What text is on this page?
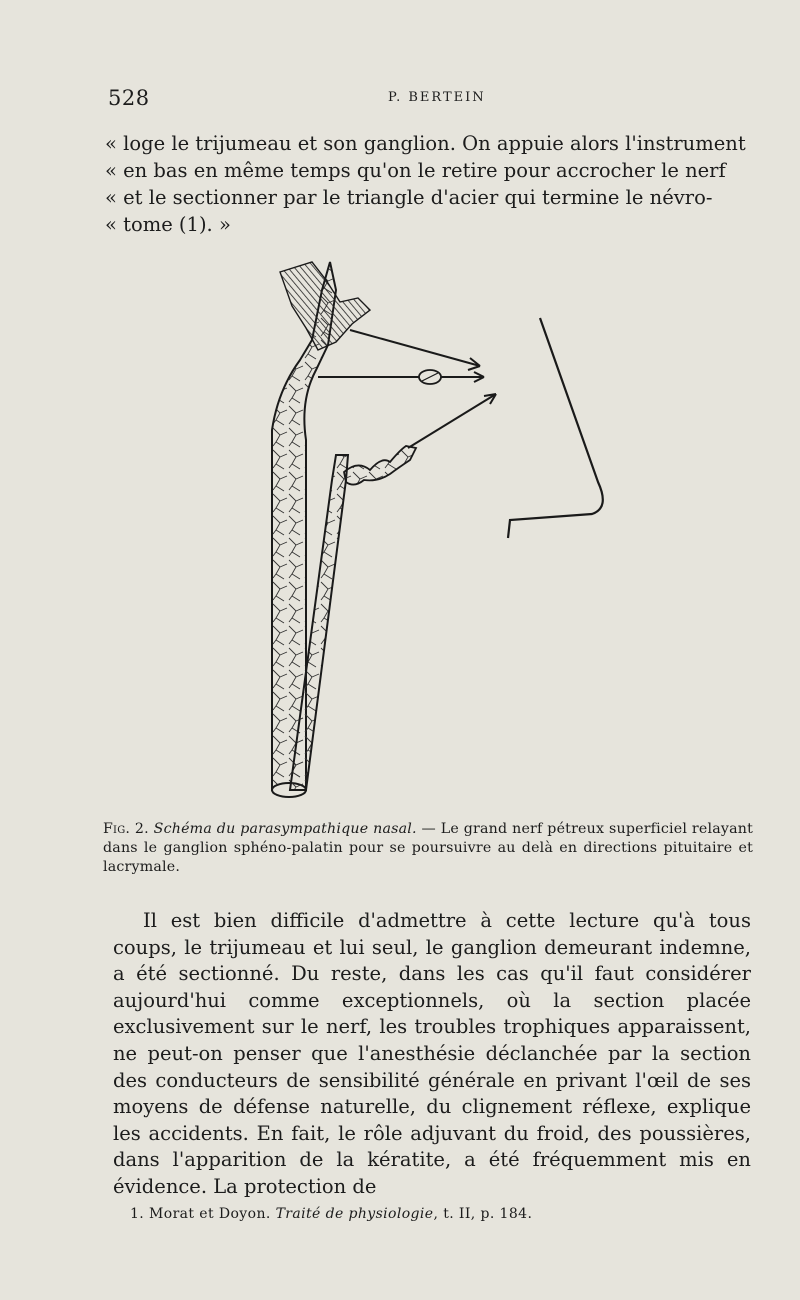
528	P. BERTEIN

« loge le trijumeau et son ganglion. On appuie alors l'instrument

« en bas en même temps qu'on le retire pour accrocher le nerf

« et le sectionner par le triangle d'acier qui termine le névro-

« tome (1). »

Fig. 2. Schéma du parasympathique nasal. — Le grand nerf pétreux superficiel relayant dans le ganglion sphéno-palatin pour se poursuivre au delà en directions pituitaire et lacrymale.

Il est bien difficile d'admettre à cette lecture qu'à tous coups, le trijumeau et lui seul, le ganglion demeurant indemne, a été sectionné. Du reste, dans les cas qu'il faut considérer aujourd'hui comme exceptionnels, où la section placée exclusivement sur le nerf, les troubles trophiques apparaissent, ne peut-on penser que l'anesthésie déclanchée par la section des conducteurs de sensibilité générale en privant l'œil de ses moyens de défense naturelle, du clignement réflexe, explique les accidents. En fait, le rôle adjuvant du froid, des poussières, dans l'apparition de la kératite, a été fréquemment mis en évidence. La protection de

1. Morat et Doyon. Traité de physiologie, t. II, p. 184.
